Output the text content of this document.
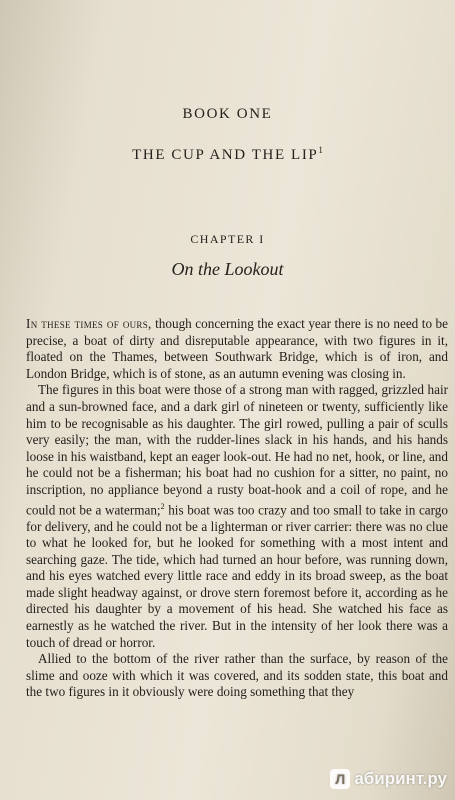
BOOK ONE
THE CUP AND THE LIP$^1$
CHAPTER I
On the Lookout

In these times of ours, though concerning the exact year there is no need to be precise, a boat of dirty and disreputable appearance, with two figures in it, floated on the Thames, between Southwark Bridge, which is of iron, and London Bridge, which is of stone, as an autumn evening was closing in.

The figures in this boat were those of a strong man with ragged, grizzled hair and a sun-browned face, and a dark girl of nineteen or twenty, sufficiently like him to be recognisable as his daughter. The girl rowed, pulling a pair of sculls very easily; the man, with the rudder-lines slack in his hands, and his hands loose in his waistband, kept an eager look-out. He had no net, hook, or line, and he could not be a fisherman; his boat had no cushion for a sitter, no paint, no inscription, no appliance beyond a rusty boat-hook and a coil of rope, and he could not be a waterman;$^2$ his boat was too crazy and too small to take in cargo for delivery, and he could not be a lighterman or river carrier: there was no clue to what he looked for, but he looked for something with a most intent and searching gaze. The tide, which had turned an hour before, was running down, and his eyes watched every little race and eddy in its broad sweep, as the boat made slight headway against, or drove stern foremost before it, according as he directed his daughter by a movement of his head. She watched his face as earnestly as he watched the river. But in the intensity of her look there was a touch of dread or horror.

Allied to the bottom of the river rather than the surface, by reason of the slime and ooze with which it was covered, and its sodden state, this boat and the two figures in it obviously were doing something that they

Л абиринт.ру
